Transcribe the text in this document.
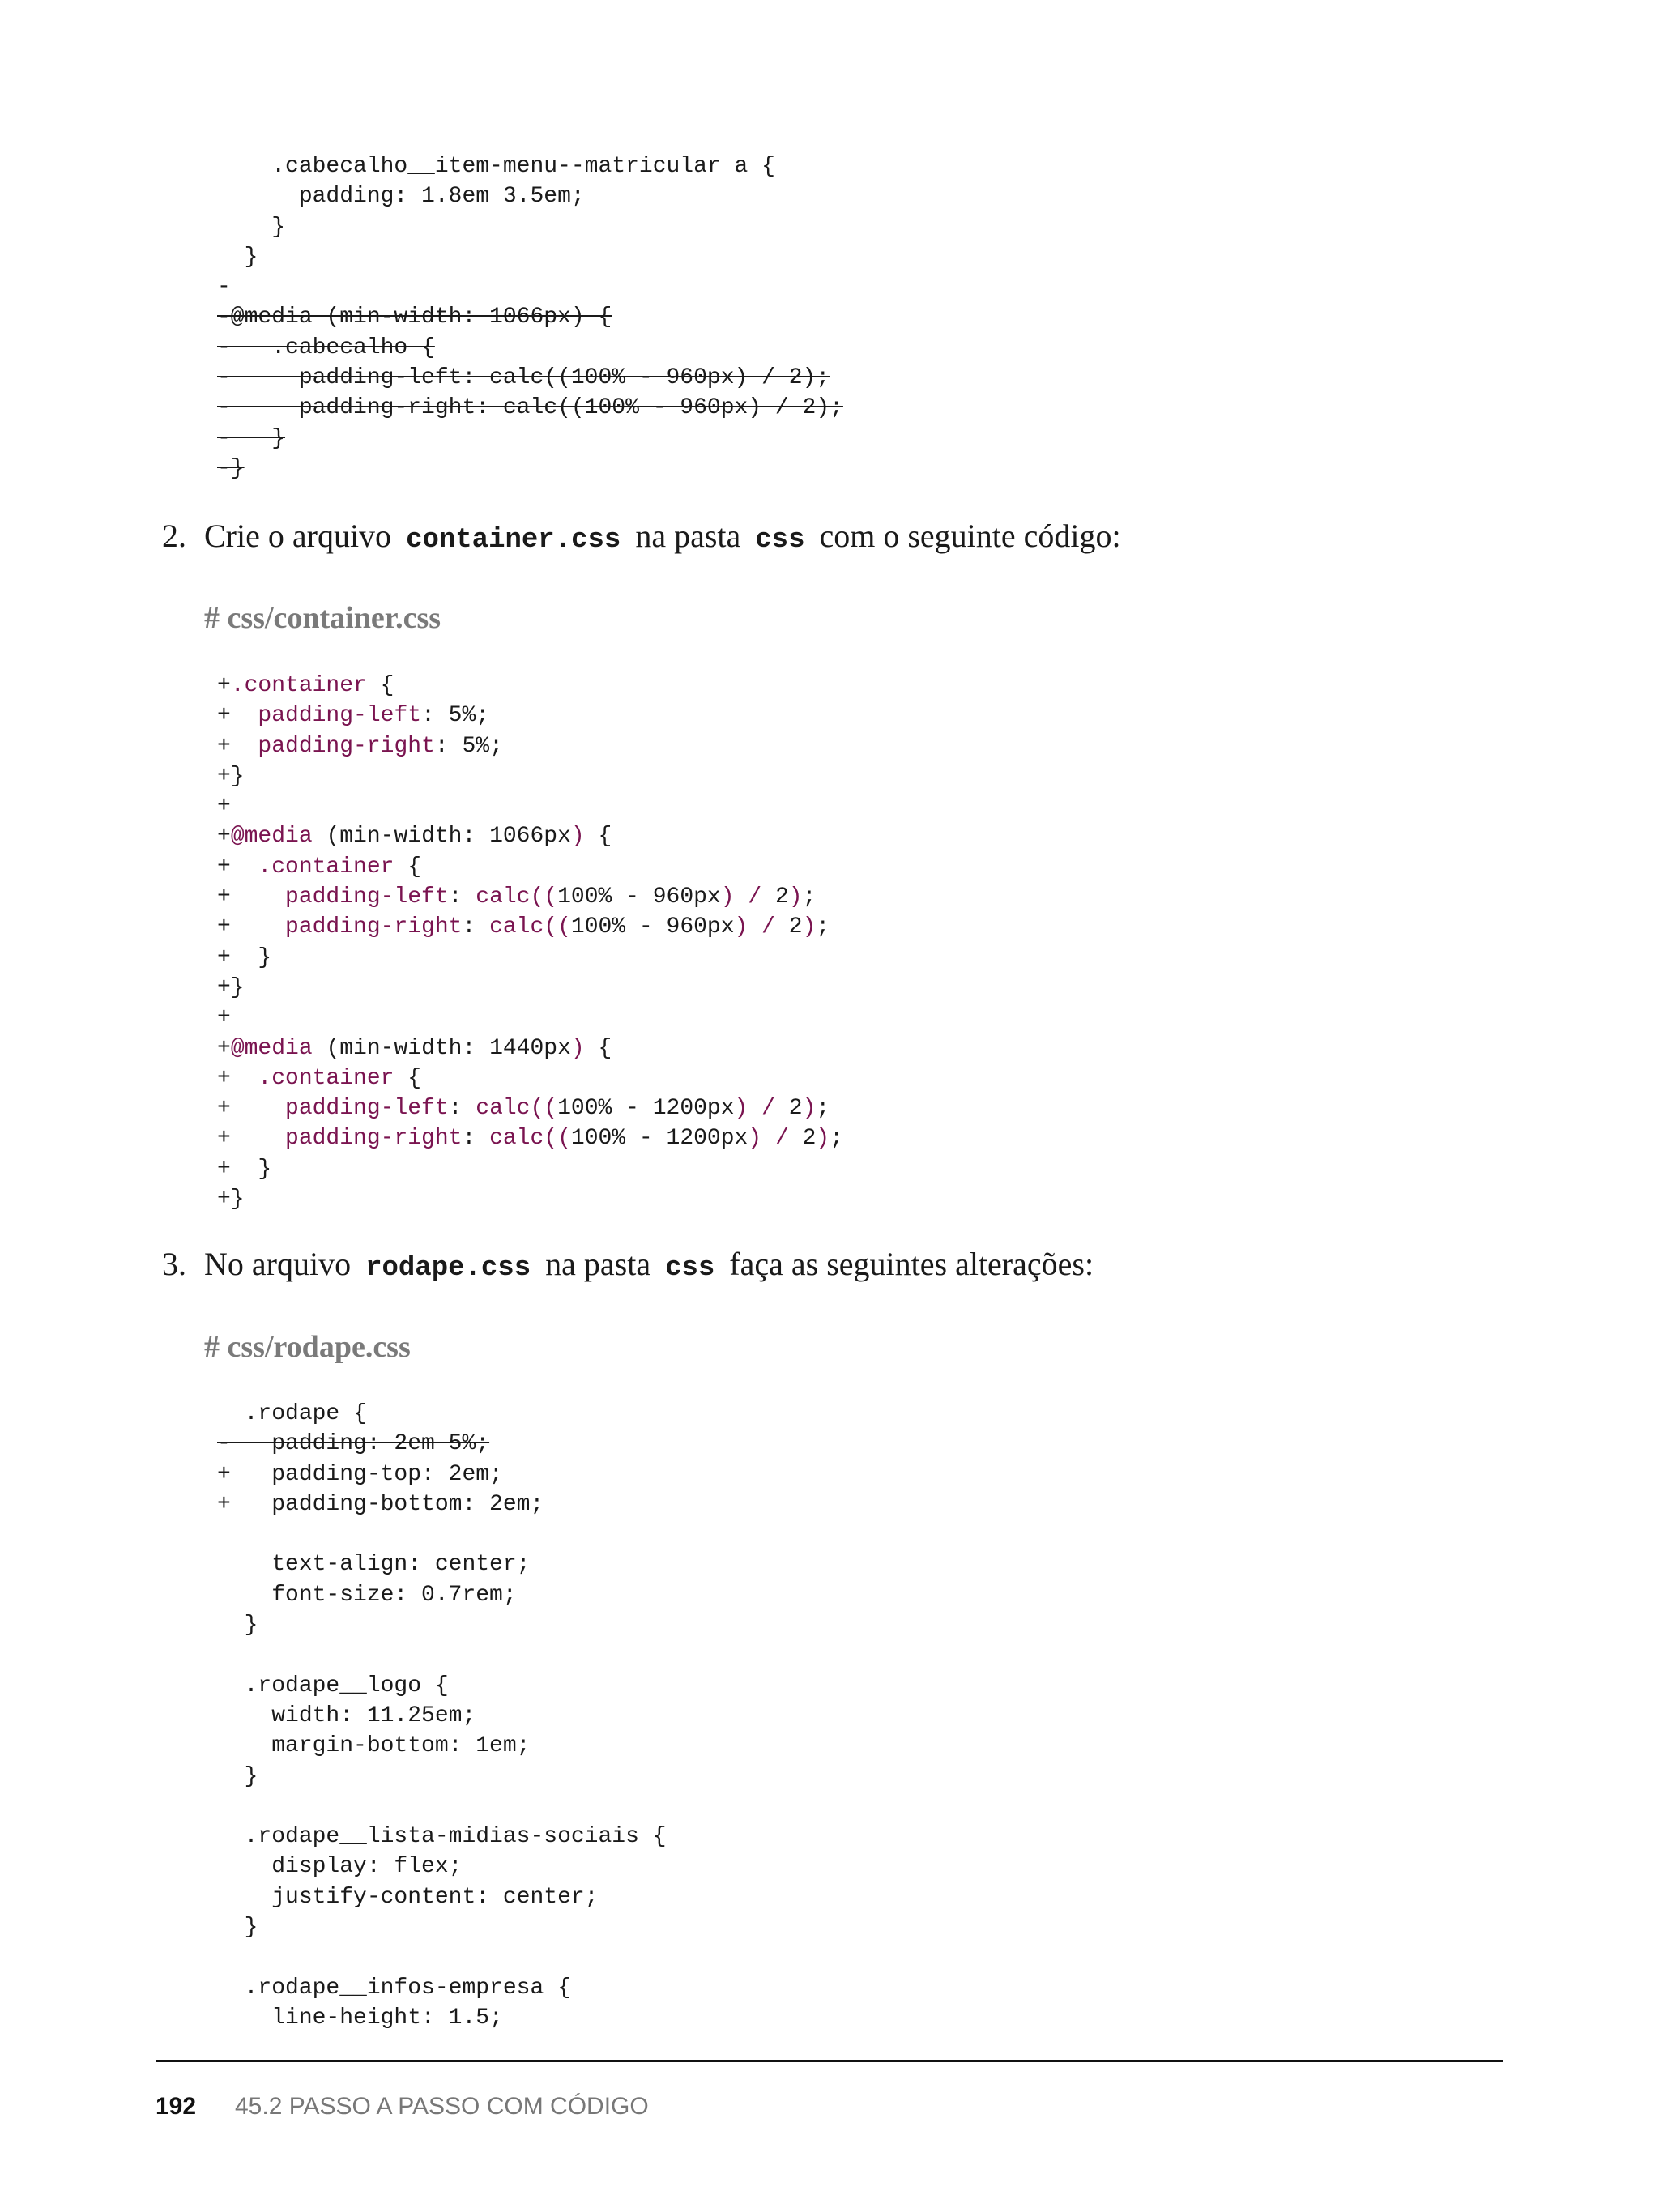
.cabecalho__item-menu--matricular a {
padding: 1.8em 3.5em;
}
}
-
-@media (min-width: 1066px) {
-   .cabecalho {
-     padding-left: calc((100% - 960px) / 2);
-     padding-right: calc((100% - 960px) / 2);
-   }
-}
2. Crie o arquivo container.css na pasta css com o seguinte código:
# css/container.css
+.container {
+  padding-left: 5%;
+  padding-right: 5%;
+}
+
+@media (min-width: 1066px) {
+  .container {
+    padding-left: calc((100% - 960px) / 2);
+    padding-right: calc((100% - 960px) / 2);
+  }
+}
+
+@media (min-width: 1440px) {
+  .container {
+    padding-left: calc((100% - 1200px) / 2);
+    padding-right: calc((100% - 1200px) / 2);
+  }
+}
3. No arquivo rodape.css na pasta css faça as seguintes alterações:
# css/rodape.css
.rodape {
-   padding: 2em 5%;
+   padding-top: 2em;
+   padding-bottom: 2em;
text-align: center;
font-size: 0.7rem;
}
.rodape__logo {
width: 11.25em;
margin-bottom: 1em;
}
.rodape__lista-midias-sociais {
display: flex;
justify-content: center;
}
.rodape__infos-empresa {
line-height: 1.5;
192 45.2 PASSO A PASSO COM CÓDIGO
